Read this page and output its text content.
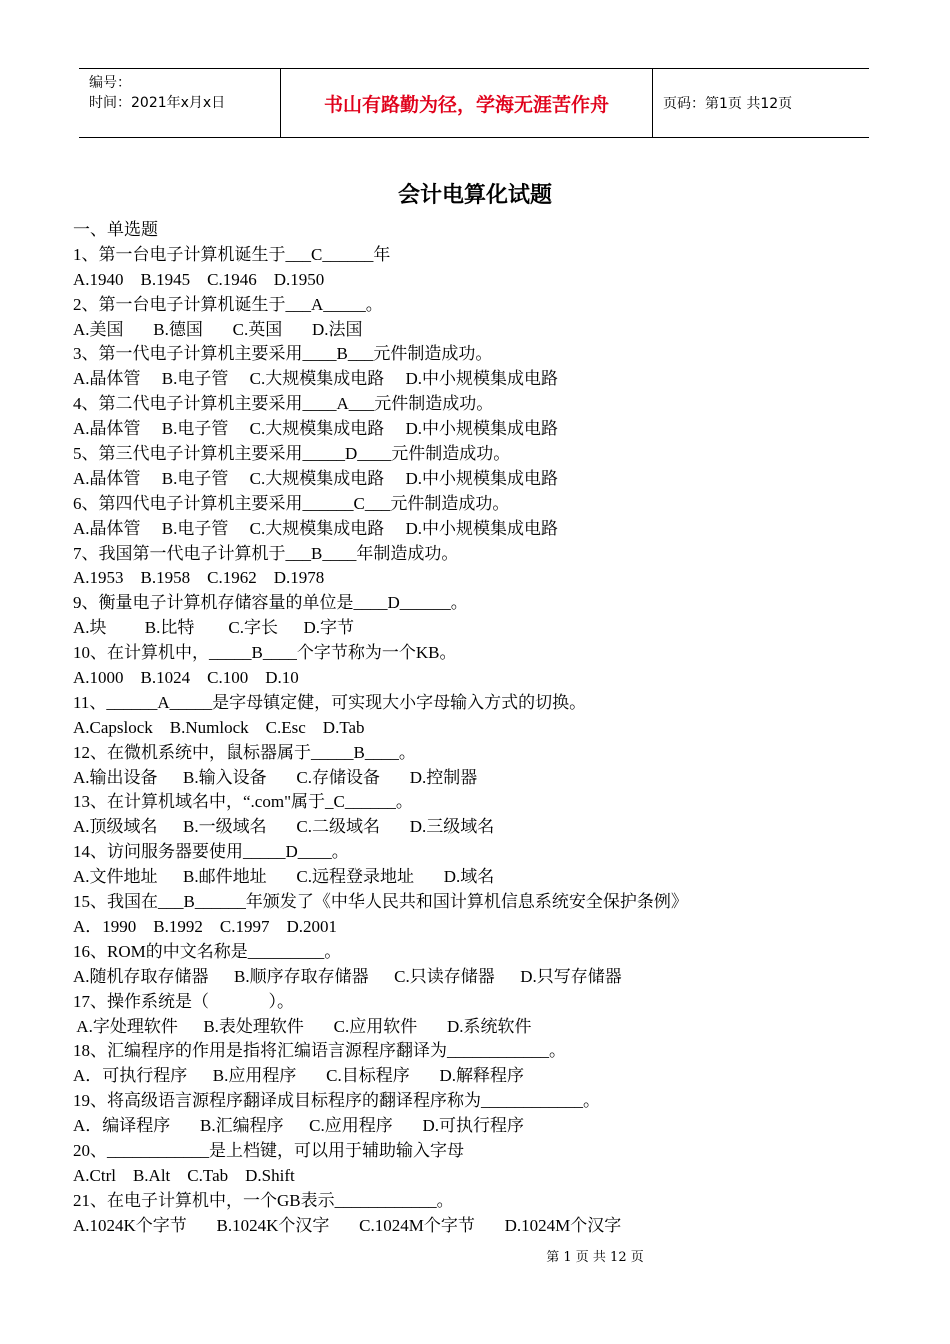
编号：
时间：2021年x月x日	书山有路勤为径，学海无涯苦作舟	页码：第1页 共12页
会计电算化试题
一、单选题
1、第一台电子计算机诞生于___C______年
A.1940    B.1945    C.1946    D.1950
2、第一台电子计算机诞生于___A_____。
A.美国       B.德国       C.英国       D.法国
3、第一代电子计算机主要采用____B___元件制造成功。
A.晶体管     B.电子管     C.大规模集成电路     D.中小规模集成电路
4、第二代电子计算机主要采用____A___元件制造成功。
A.晶体管     B.电子管     C.大规模集成电路     D.中小规模集成电路
5、第三代电子计算机主要采用_____D____元件制造成功。
A.晶体管     B.电子管     C.大规模集成电路     D.中小规模集成电路
6、第四代电子计算机主要采用______C___元件制造成功。
A.晶体管     B.电子管     C.大规模集成电路     D.中小规模集成电路
7、我国第一代电子计算机于___B____年制造成功。
A.1953    B.1958    C.1962    D.1978
9、衡量电子计算机存储容量的单位是____D______。
A.块         B.比特        C.字长      D.字节
10、在计算机中，_____B____个字节称为一个KB。
A.1000    B.1024    C.100    D.10
11、______A_____是字母镇定健，可实现大小字母输入方式的切换。
A.Capslock    B.Numlock    C.Esc    D.Tab
12、在微机系统中，鼠标器属于_____B____。
A.输出设备      B.输入设备       C.存储设备       D.控制器
13、在计算机域名中，“.com"属于_C______。
A.顶级域名      B.一级域名       C.二级域名       D.三级域名
14、访问服务器要使用_____D____。
A.文件地址      B.邮件地址       C.远程登录地址       D.域名
15、我国在___B______年颁发了《中华人民共和国计算机信息系统安全保护条例》
A．1990    B.1992    C.1997    D.2001
16、ROM的中文名称是_________。
A.随机存取存储器      B.顺序存取存储器      C.只读存储器      D.只写存储器
17、操作系统是（              ）。
A.字处理软件      B.表处理软件       C.应用软件       D.系统软件
18、汇编程序的作用是指将汇编语言源程序翻译为____________。
A．可执行程序      B.应用程序       C.目标程序       D.解释程序
19、将高级语言源程序翻译成目标程序的翻译程序称为____________。
A．编译程序       B.汇编程序      C.应用程序       D.可执行程序
20、____________是上档键，可以用于辅助输入字母
A.Ctrl    B.Alt    C.Tab    D.Shift
21、在电子计算机中，一个GB表示____________。
A.1024K个字节       B.1024K个汉字       C.1024M个字节       D.1024M个汉字
第 1 页 共 12 页
